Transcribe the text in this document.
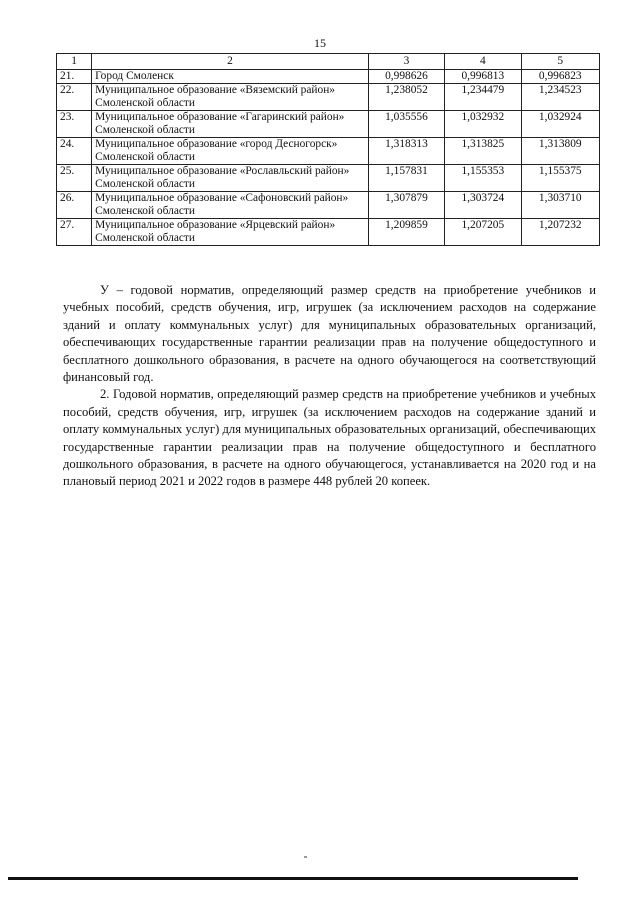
15
1	2	3	4	5
21.	Город Смоленск	0,998626	0,996813	0,996823
22.	Муниципальное образование «Вяземский район» Смоленской области	1,238052	1,234479	1,234523
23.	Муниципальное образование «Гагаринский район» Смоленской области	1,035556	1,032932	1,032924
24.	Муниципальное образование «город Десногорск» Смоленской области	1,318313	1,313825	1,313809
25.	Муниципальное образование «Рославльский район» Смоленской области	1,157831	1,155353	1,155375
26.	Муниципальное образование «Сафоновский район» Смоленской области	1,307879	1,303724	1,303710
27.	Муниципальное образование «Ярцевский район» Смоленской области	1,209859	1,207205	1,207232

У – годовой норматив, определяющий размер средств на приобретение учебников и учебных пособий, средств обучения, игр, игрушек (за исключением расходов на содержание зданий и оплату коммунальных услуг) для муниципальных образовательных организаций, обеспечивающих государственные гарантии реализации прав на получение общедоступного и бесплатного дошкольного образования, в расчете на одного обучающегося на соответствующий финансовый год.

2. Годовой норматив, определяющий размер средств на приобретение учебников и учебных пособий, средств обучения, игр, игрушек (за исключением расходов на содержание зданий и оплату коммунальных услуг) для муниципальных образовательных организаций, обеспечивающих государственные гарантии реализации прав на получение общедоступного и бесплатного дошкольного образования, в расчете на одного обучающегося, устанавливается на 2020 год и на плановый период 2021 и 2022 годов в размере 448 рублей 20 копеек.
